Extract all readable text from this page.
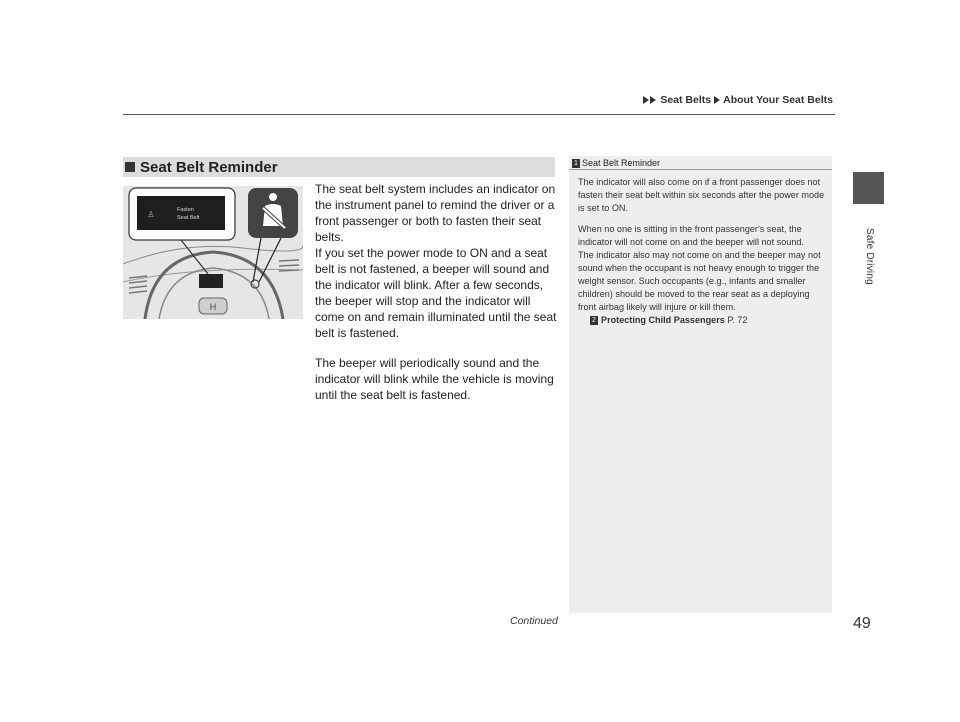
Seat Belts About Your Seat Belts
Safe Driving
Seat Belt Reminder
H
♙	Fasten
Seat Belt

The seat belt system includes an indicator on the instrument panel to remind the driver or a front passenger or both to fasten their seat belts.

If you set the power mode to ON and a seat belt is not fastened, a beeper will sound and the indicator will blink. After a few seconds, the beeper will stop and the indicator will come on and remain illuminated until the seat belt is fastened.

The beeper will periodically sound and the indicator will blink while the vehicle is moving until the seat belt is fastened.

1 Seat Belt Reminder

The indicator will also come on if a front passenger does not fasten their seat belt within six seconds after the power mode is set to ON.

When no one is sitting in the front passenger's seat, the indicator will not come on and the beeper will not sound.

The indicator also may not come on and the beeper may not sound when the occupant is not heavy enough to trigger the weight sensor. Such occupants (e.g., infants and smaller children) should be moved to the rear seat as a deploying front airbag likely will injure or kill them.

2 Protecting Child Passengers P. 72
Continued	49
